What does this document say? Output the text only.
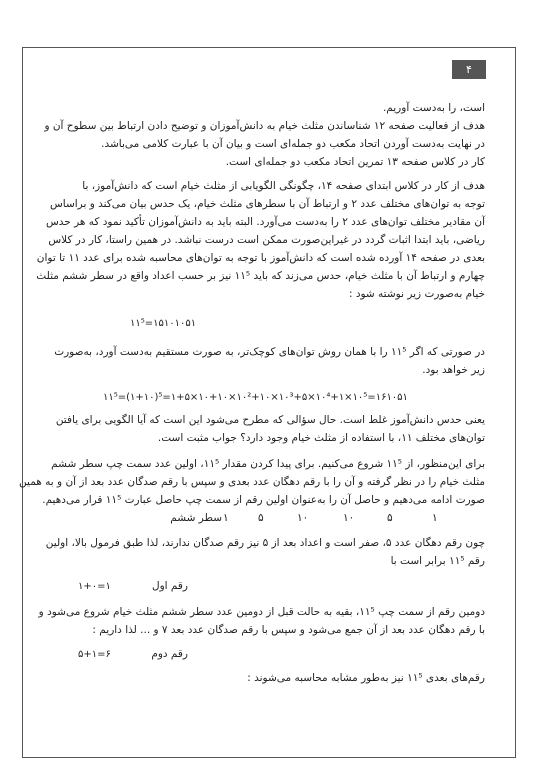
۴
است، را به‌دست آوریم.
هدف از فعالیت صفحه ۱۲ شناساندن مثلث خیام به دانش‌آموزان و توضیح دادن ارتباط بین سطوح آن و
در نهایت به‌دست آوردن اتحاد مکعب دو جمله‌ای است و بیان آن با عبارت کلامی می‌باشد.
کار در کلاس صفحه ۱۳ تمرین اتحاد مکعب دو جمله‌ای است.
هدف از کار در کلاس ابتدای صفحه ۱۴، چگونگی الگویابی از مثلث خیام است که دانش‌آموز، با
توجه به توان‌های مختلف عدد ۲ و ارتباط آن با سطرهای مثلث خیام، یک حدس بیان می‌کند و براساس
آن مقادیر مختلف توان‌های عدد ۲ را به‌دست می‌آورد. البته باید به دانش‌آموزان تأکید نمود که هر حدس
ریاضی، باید ابتدا اثبات گردد در غیراین‌صورت ممکن است درست نباشد. در همین راستا، کار در کلاس
بعدی در صفحه ۱۴ آورده شده است که دانش‌آموز با توجه به توان‌های محاسبه شده برای عدد ۱۱ تا توان
چهارم و ارتباط آن با مثلث خیام، حدس می‌زند که باید ۱۱⁵ نیز بر حسب اعداد واقع در سطر ششم مثلث
خیام به‌صورت زیر نوشته شود :
۱۱⁵=۱۵۱۰۱۰۵۱
در صورتی که اگر ۱۱⁵ را با همان روش توان‌های کوچک‌تر، به صورت مستقیم به‌دست آورد، به‌صورت
زیر خواهد بود.
۱۱⁵=(۱+۱۰)⁵=۱+۵×۱۰+۱۰×۱۰²+۱۰×۱۰³+۵×۱۰⁴+۱×۱۰⁵=۱۶۱۰۵۱
یعنی حدس دانش‌آموز غلط است. حال سؤالی که مطرح می‌شود این است که آیا الگویی برای یافتن
توان‌های مختلف ۱۱، با استفاده از مثلث خیام وجود دارد؟ جواب مثبت است.
برای این‌منظور، از ۱۱⁵ شروع می‌کنیم. برای پیدا کردن مقدار ۱۱⁵، اولین عدد سمت چپ سطر ششم
مثلث خیام را در نظر گرفته و آن را با رقم دهگان عدد بعدی و سپس با رقم صدگان عدد بعد از آن و به همین
صورت ادامه می‌دهیم و حاصل آن را به‌عنوان اولین رقم از سمت چپ حاصل عبارت ۱۱⁵ قرار می‌دهیم.
سطر ششم ۱	۵	۱۰	۱۰	۵	۱
چون رقم دهگان عدد ۵، صفر است و اعداد بعد از ۵ نیز رقم صدگان ندارند، لذا طبق فرمول بالا، اولین
رقم ۱۱⁵ برابر است با
رقم اول
۱+۰=۱
دومین رقم از سمت چپ ۱۱⁵، بقیه به حالت قبل از دومین عدد سطر ششم مثلث خیام شروع می‌شود و
با رقم دهگان عدد بعد از آن جمع می‌شود و سپس با رقم صدگان عدد بعد ۷ و ... لذا داریم :
رقم دوم
۵+۱=۶
رقم‌های بعدی ۱۱⁵ نیز به‌طور مشابه محاسبه می‌شوند :
